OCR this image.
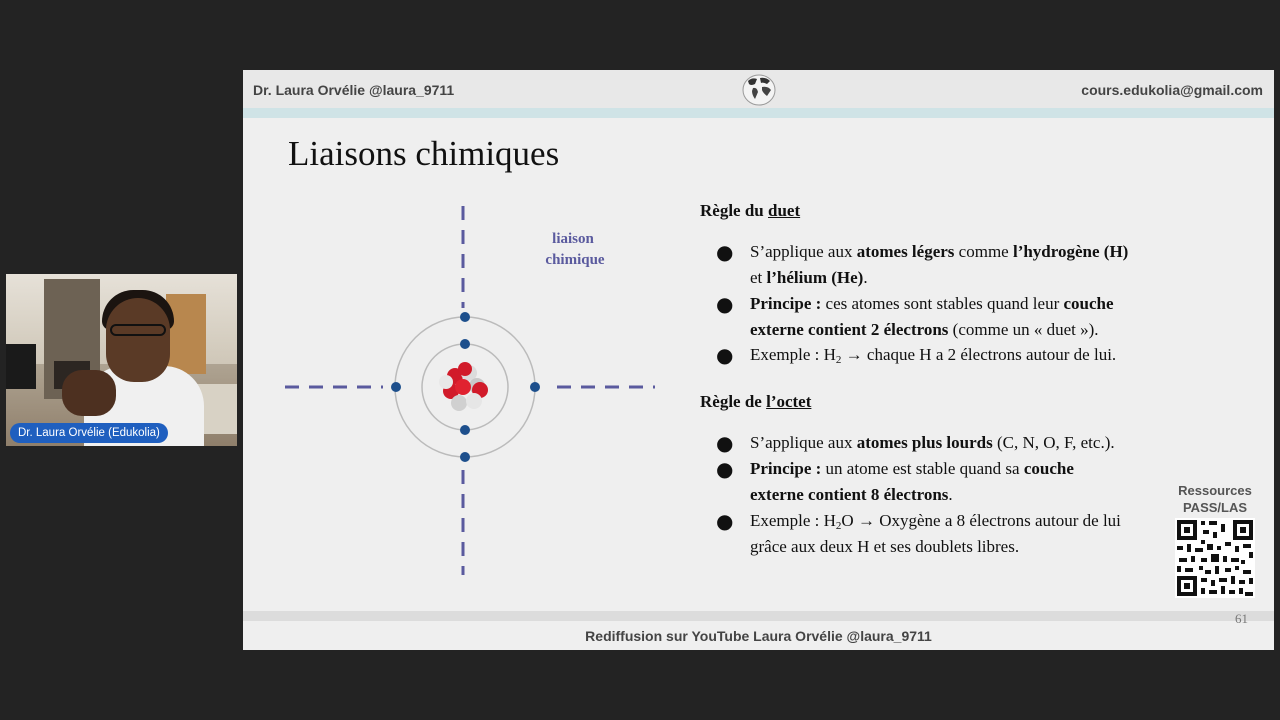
Dr. Laura Orvélie (Edukolia)
Dr. Laura Orvélie @laura_9711	cours.edukolia@gmail.com
Liaisons chimiques
liaison
chimique
Règle du duet
● S’applique aux atomes légers comme l’hydrogène (H)
et l’hélium (He).
● Principe : ces atomes sont stables quand leur couche
externe contient 2 électrons (comme un « duet »).
● Exemple : $H_2$ → chaque H a 2 électrons autour de lui.
Règle de l’octet
● S’applique aux atomes plus lourds (C, N, O, F, etc.).
● Principe : un atome est stable quand sa couche
externe contient 8 électrons.
● Exemple : $H_2O$ → Oxygène a 8 électrons autour de lui
grâce aux deux H et ses doublets libres.
Ressources
PASS/LAS
61
Rediffusion sur YouTube Laura Orvélie @laura_9711
